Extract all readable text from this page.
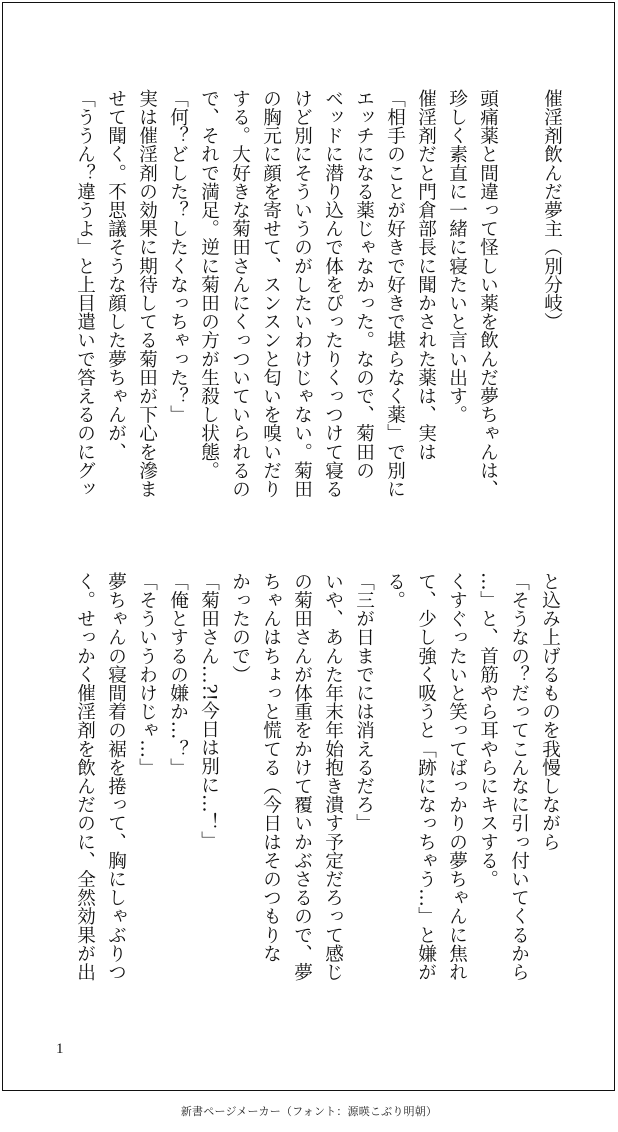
催淫剤飲んだ夢主（別分岐）
頭痛薬と間違って怪しい薬を飲んだ夢ちゃんは、
珍しく素直に一緒に寝たいと言い出す。
催淫剤だと門倉部長に聞かされた薬は、実は
「相手のことが好きで好きで堪らなく薬」で別に
エッチになる薬じゃなかった。なので、菊田の
ベッドに潜り込んで体をぴったりくっつけて寝る
けど別にそういうのがしたいわけじゃない。菊田
の胸元に顔を寄せて、スンスンと匂いを嗅いだり
する。大好きな菊田さんにくっついていられるの
で、それで満足。逆に菊田の方が生殺し状態。
「何？どした？したくなっちゃった？」
実は催淫剤の効果に期待してる菊田が下心を滲ま
せて聞く。不思議そうな顔した夢ちゃんが、
「ううん？違うよ」と上目遣いで答えるのにグッ
と込み上げるものを我慢しながら
「そうなの？だってこんなに引っ付いてくるから
…」と、首筋やら耳やらにキスする。
くすぐったいと笑ってばっかりの夢ちゃんに焦れ
て、少し強く吸うと「跡になっちゃう…」と嫌が
る。
「三が日までには消えるだろ」
いや、あんた年末年始抱き潰す予定だろって感じ
の菊田さんが体重をかけて覆いかぶさるので、夢
ちゃんはちょっと慌てる（今日はそのつもりな
かったので）
「菊田さん…?!今日は別に…！」
「俺とするの嫌か…？」
「そういうわけじゃ…」
夢ちゃんの寝間着の裾を捲って、胸にしゃぶりつ
く。せっかく催淫剤を飲んだのに、全然効果が出
1
新書ページメーカー（フォント：源暎こぶり明朝）
